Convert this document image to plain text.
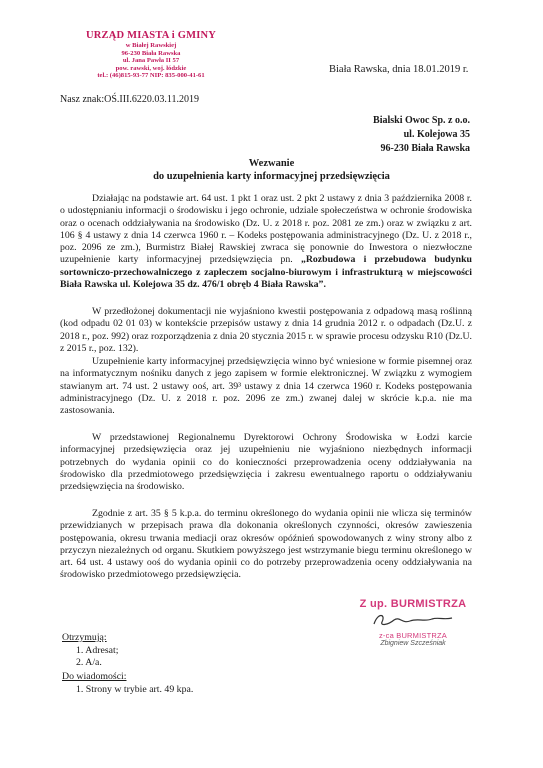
URZĄD MIASTA i GMINY
w Białej Rawskiej
96-230 Biała Rawska
ul. Jana Pawła II 57
pow. rawski, woj. łódzkie
tel.: (46)815-93-77 NIP: 835-000-41-61
Biała Rawska, dnia 18.01.2019 r.
Nasz znak:OŚ.III.6220.03.11.2019
Bialski Owoc Sp. z o.o.
ul. Kolejowa 35
96-230 Biała Rawska
Wezwanie
do uzupełnienia karty informacyjnej przedsięwzięcia
Działając na podstawie art. 64 ust. 1 pkt 1 oraz ust. 2 pkt 2 ustawy z dnia 3 października 2008 r. o udostępnianiu informacji o środowisku i jego ochronie, udziale społeczeństwa w ochronie środowiska oraz o ocenach oddziaływania na środowisko (Dz. U. z 2018 r. poz. 2081 ze zm.) oraz w związku z art. 106 § 4 ustawy z dnia 14 czerwca 1960 r. – Kodeks postępowania administracyjnego (Dz. U. z 2018 r., poz. 2096 ze zm.), Burmistrz Białej Rawskiej zwraca się ponownie do Inwestora o niezwłoczne uzupełnienie karty informacyjnej przedsięwzięcia pn. „Rozbudowa i przebudowa budynku sortowniczo-przechowalniczego z zapleczem socjalno-biurowym i infrastrukturą w miejscowości Biała Rawska ul. Kolejowa 35 dz. 476/1 obręb 4 Biała Rawska”.
W przedłożonej dokumentacji nie wyjaśniono kwestii postępowania z odpadową masą roślinną (kod odpadu 02 01 03) w kontekście przepisów ustawy z dnia 14 grudnia 2012 r. o odpadach (Dz.U. z 2018 r., poz. 992) oraz rozporządzenia z dnia 20 stycznia 2015 r. w sprawie procesu odzysku R10 (Dz.U. z 2015 r., poz. 132).
Uzupełnienie karty informacyjnej przedsięwzięcia winno być wniesione w formie pisemnej oraz na informatycznym nośniku danych z jego zapisem w formie elektronicznej. W związku z wymogiem stawianym art. 74 ust. 2 ustawy ooś, art. 39³ ustawy z dnia 14 czerwca 1960 r. Kodeks postępowania administracyjnego (Dz. U. z 2018 r. poz. 2096 ze zm.) zwanej dalej w skrócie k.p.a. nie ma zastosowania.
W przedstawionej Regionalnemu Dyrektorowi Ochrony Środowiska w Łodzi karcie informacyjnej przedsięwzięcia oraz jej uzupełnieniu nie wyjaśniono niezbędnych informacji potrzebnych do wydania opinii co do konieczności przeprowadzenia oceny oddziaływania na środowisko dla przedmiotowego przedsięwzięcia i zakresu ewentualnego raportu o oddziaływaniu przedsięwzięcia na środowisko.
Zgodnie z art. 35 § 5 k.p.a. do terminu określonego do wydania opinii nie wlicza się terminów przewidzianych w przepisach prawa dla dokonania określonych czynności, okresów zawieszenia postępowania, okresu trwania mediacji oraz okresów opóźnień spowodowanych z winy strony albo z przyczyn niezależnych od organu. Skutkiem powyższego jest wstrzymanie biegu terminu określonego w art. 64 ust. 4 ustawy ooś do wydania opinii co do potrzeby przeprowadzenia oceny oddziaływania na środowisko przedmiotowego przedsięwzięcia.
Z up. BURMISTRZA
z-ca BURMISTRZA
Zbigniew Szcześniak
Otrzymują:
1. Adresat;
2. A/a.
Do wiadomości:
1. Strony w trybie art. 49 kpa.
